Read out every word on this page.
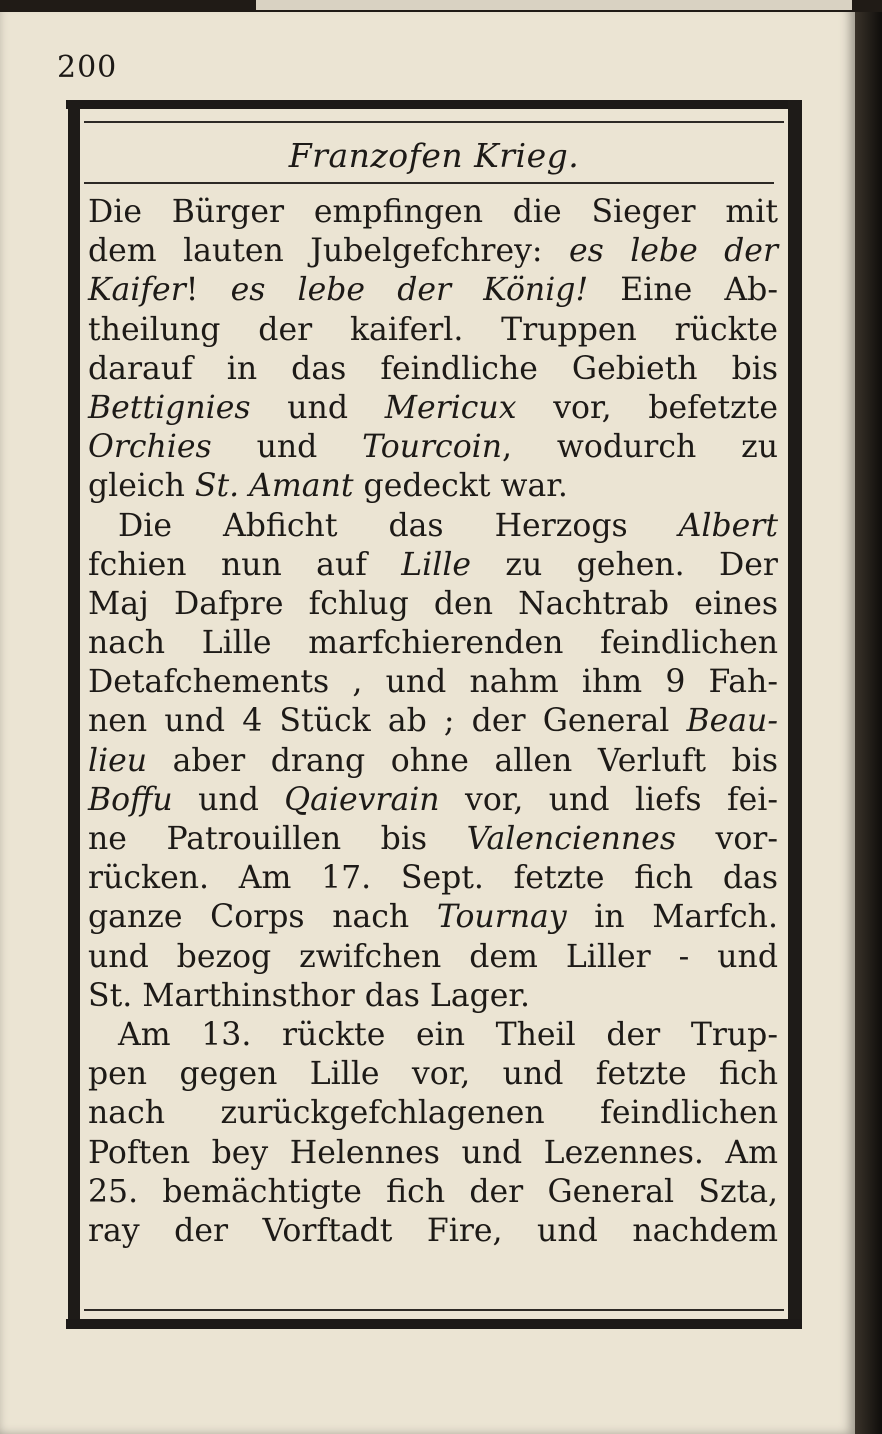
200

Franzofen Krieg.

Die Bürger empfingen die Sieger mit
dem lauten Jubelgefchrey: es lebe der
Kaifer! es lebe der König! Eine Ab-
theilung der kaiferl. Truppen rückte
darauf in das feindliche Gebieth bis
Bettignies und Mericux vor, befetzte
Orchies und Tourcoin, wodurch zu
gleich St. Amant gedeckt war.
Die Abficht das Herzogs Albert
fchien nun auf Lille zu gehen. Der
Maj Dafpre fchlug den Nachtrab eines
nach Lille marfchierenden feindlichen
Detafchements , und nahm ihm 9 Fah-
nen und 4 Stück ab ; der General Beau-
lieu aber drang ohne allen Verluft bis
Boffu und Qaievrain vor, und liefs fei-
ne Patrouillen bis Valenciennes vor-
rücken. Am 17. Sept. fetzte fich das
ganze Corps nach Tournay in Marfch.
und bezog zwifchen dem Liller - und
St. Marthinsthor das Lager.
Am 13. rückte ein Theil der Trup-
pen gegen Lille vor, und fetzte fich
nach zurückgefchlagenen feindlichen
Poften bey Helennes und Lezennes. Am
25. bemächtigte fich der General Szta,
ray der Vorftadt Fire, und nachdem
